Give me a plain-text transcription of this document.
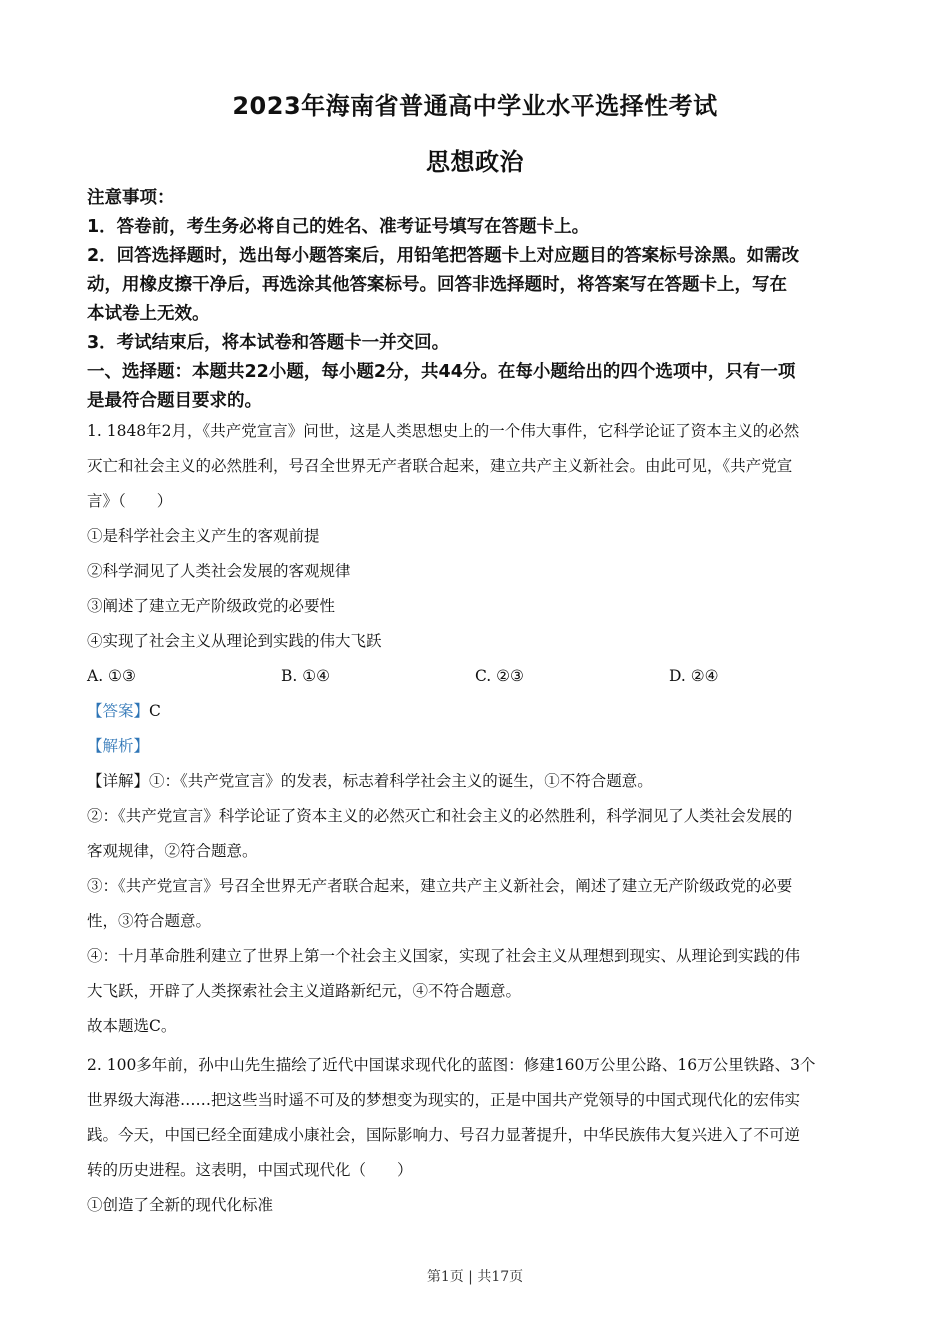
2023年海南省普通高中学业水平选择性考试
思想政治

注意事项：

1．答卷前，考生务必将自己的姓名、准考证号填写在答题卡上。

2．回答选择题时，选出每小题答案后，用铅笔把答题卡上对应题目的答案标号涂黑。如需改

动，用橡皮擦干净后，再选涂其他答案标号。回答非选择题时，将答案写在答题卡上，写在

本试卷上无效。

3．考试结束后，将本试卷和答题卡一并交回。

一、选择题：本题共22小题，每小题2分，共44分。在每小题给出的四个选项中，只有一项

是最符合题目要求的。

1. 1848年2月，《共产党宣言》问世，这是人类思想史上的一个伟大事件，它科学论证了资本主义的必然

灭亡和社会主义的必然胜利，号召全世界无产者联合起来，建立共产主义新社会。由此可见，《共产党宣

言》（　　）

①是科学社会主义产生的客观前提

②科学洞见了人类社会发展的客观规律

③阐述了建立无产阶级政党的必要性

④实现了社会主义从理论到实践的伟大飞跃

A. ①③	B. ①④	C. ②③	D. ②④

【答案】C

【解析】

【详解】①：《共产党宣言》的发表，标志着科学社会主义的诞生，①不符合题意。

②：《共产党宣言》科学论证了资本主义的必然灭亡和社会主义的必然胜利，科学洞见了人类社会发展的

客观规律，②符合题意。

③：《共产党宣言》号召全世界无产者联合起来，建立共产主义新社会，阐述了建立无产阶级政党的必要

性，③符合题意。

④：十月革命胜利建立了世界上第一个社会主义国家，实现了社会主义从理想到现实、从理论到实践的伟

大飞跃，开辟了人类探索社会主义道路新纪元，④不符合题意。

故本题选C。

2. 100多年前，孙中山先生描绘了近代中国谋求现代化的蓝图：修建160万公里公路、16万公里铁路、3个

世界级大海港……把这些当时遥不可及的梦想变为现实的，正是中国共产党领导的中国式现代化的宏伟实

践。今天，中国已经全面建成小康社会，国际影响力、号召力显著提升，中华民族伟大复兴进入了不可逆

转的历史进程。这表明，中国式现代化（　　）

①创造了全新的现代化标准

第1页 | 共17页
